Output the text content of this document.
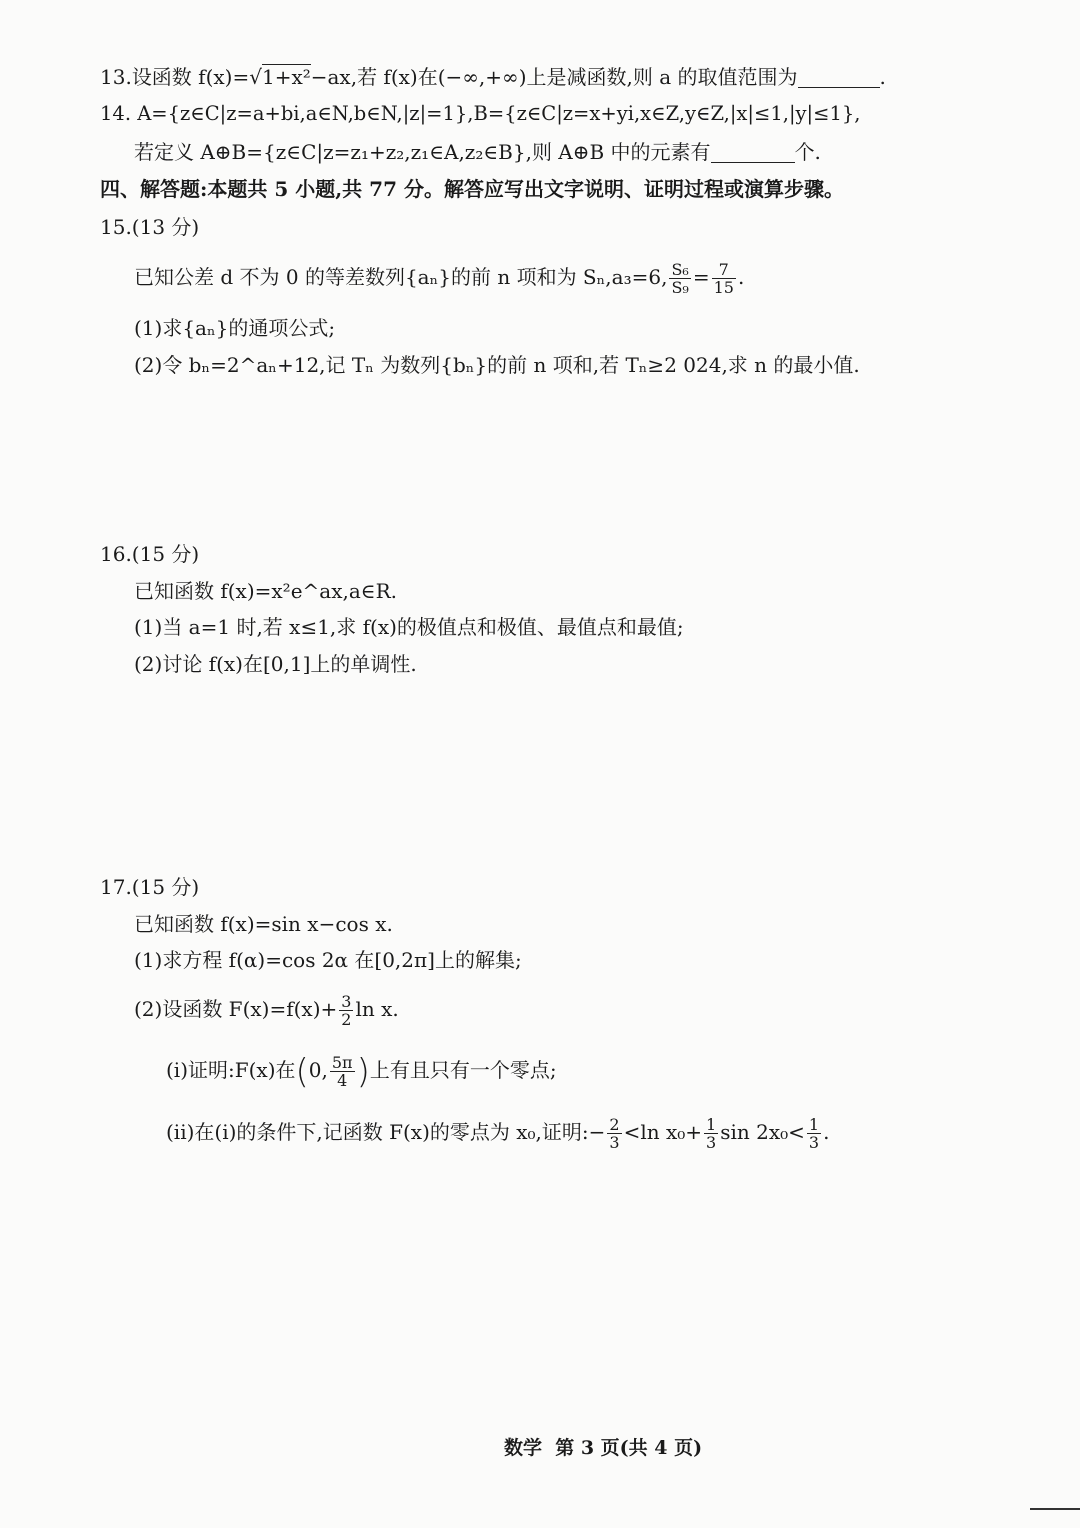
13.设函数 f(x)=√1+x²−ax,若 f(x)在(−∞,+∞)上是减函数,则 a 的取值范围为	.
14. A={z∈C|z=a+bi,a∈N,b∈N,|z|=1},B={z∈C|z=x+yi,x∈Z,y∈Z,|x|≤1,|y|≤1},
若定义 A⊕B={z∈C|z=z₁+z₂,z₁∈A,z₂∈B},则 A⊕B 中的元素有	个.
四、解答题:本题共 5 小题,共 77 分。解答应写出文字说明、证明过程或演算步骤。
15.(13 分)
已知公差 d 不为 0 的等差数列{aₙ}的前 n 项和为 Sₙ,a₃=6, $\frac{\text{S₆}}{\text{S₉}} = \frac{7}{15}$ .
(1)求{aₙ}的通项公式;
(2)令 bₙ=2^aₙ+12,记 Tₙ 为数列{bₙ}的前 n 项和,若 Tₙ≥2 024,求 n 的最小值.
16.(15 分)
已知函数 f(x)=x²e^ax,a∈R.
(1)当 a=1 时,若 x≤1,求 f(x)的极值点和极值、最值点和最值;
(2)讨论 f(x)在[0,1]上的单调性.
17.(15 分)
已知函数 f(x)=sin x−cos x.
(1)求方程 f(α)=cos 2α 在[0,2π]上的解集;
(2)设函数 $F(x)=f(x)+ \frac{3}{2}$ ln x.
(i)证明:F(x)在(0, $\frac{5\pi}{4}$ )上有且只有一个零点;
(ii)在(i)的条件下,记函数 F(x)的零点为 x₀,证明:− $\frac{2}{3} <\ln$ $x_0+ \frac{1}{3}$ $\sin 2x_0< \frac{1}{3}$ .
数学  第 3 页(共 4 页)
